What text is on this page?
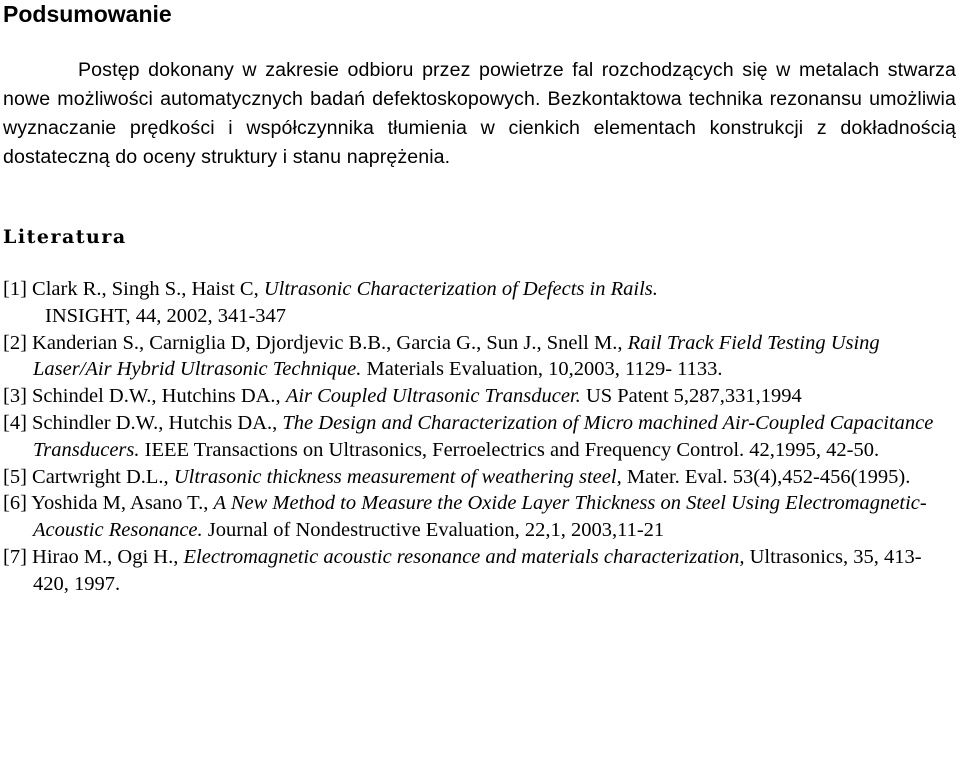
Podsumowanie

Postęp dokonany w zakresie odbioru przez powietrze fal rozchodzących się w metalach stwarza nowe możliwości automatycznych badań defektoskopowych. Bezkontaktowa technika rezonansu umożliwia wyznaczanie prędkości i współczynnika tłumienia w cienkich elementach konstrukcji z dokładnością dostateczną do oceny struktury i stanu naprężenia.

Literatura

[1] Clark R., Singh S., Haist C, Ultrasonic Characterization of Defects in Rails.
INSIGHT, 44, 2002, 341-347

[2] Kanderian S., Carniglia D, Djordjevic B.B., Garcia G., Sun J., Snell M., Rail Track Field Testing Using Laser/Air Hybrid Ultrasonic Technique. Materials Evaluation, 10,2003, 1129- 1133.

[3] Schindel D.W., Hutchins DA., Air Coupled Ultrasonic Transducer. US Patent 5,287,331,1994

[4] Schindler D.W., Hutchis DA., The Design and Characterization of Micro machined Air-Coupled Capacitance Transducers. IEEE Transactions on Ultrasonics, Ferroelectrics and Frequency Control. 42,1995, 42-50.

[5] Cartwright D.L., Ultrasonic thickness measurement of weathering steel, Mater. Eval. 53(4),452-456(1995).

[6] Yoshida M, Asano T., A New Method to Measure the Oxide Layer Thickness on Steel Using Electromagnetic-Acoustic Resonance. Journal of Nondestructive Evaluation, 22,1, 2003,11-21

[7] Hirao M., Ogi H., Electromagnetic acoustic resonance and materials characterization, Ultrasonics, 35, 413-420, 1997.
